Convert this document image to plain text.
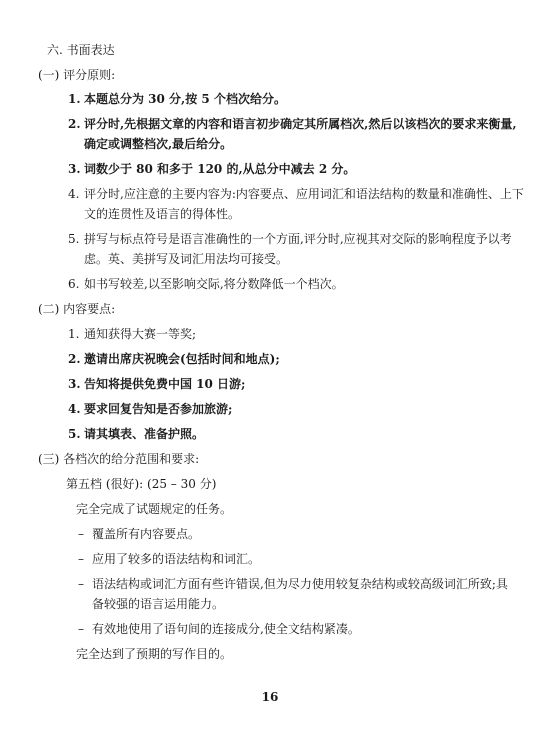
六. 书面表达
(一) 评分原则:
1. 本题总分为 30 分,按 5 个档次给分。
2. 评分时,先根据文章的内容和语言初步确定其所属档次,然后以该档次的要求来衡量,
确定或调整档次,最后给分。
3. 词数少于 80 和多于 120 的,从总分中减去 2 分。
4. 评分时,应注意的主要内容为:内容要点、应用词汇和语法结构的数量和准确性、上下
文的连贯性及语言的得体性。
5. 拼写与标点符号是语言准确性的一个方面,评分时,应视其对交际的影响程度予以考
虑。英、美拼写及词汇用法均可接受。
6. 如书写较差,以至影响交际,将分数降低一个档次。
(二) 内容要点:
1. 通知获得大赛一等奖;
2. 邀请出席庆祝晚会(包括时间和地点);
3. 告知将提供免费中国 10 日游;
4. 要求回复告知是否参加旅游;
5. 请其填表、准备护照。
(三) 各档次的给分范围和要求:
第五档 (很好): (25 – 30 分)
完全完成了试题规定的任务。
– 覆盖所有内容要点。
– 应用了较多的语法结构和词汇。
– 语法结构或词汇方面有些许错误,但为尽力使用较复杂结构或较高级词汇所致;具
备较强的语言运用能力。
– 有效地使用了语句间的连接成分,使全文结构紧凑。
完全达到了预期的写作目的。
16
